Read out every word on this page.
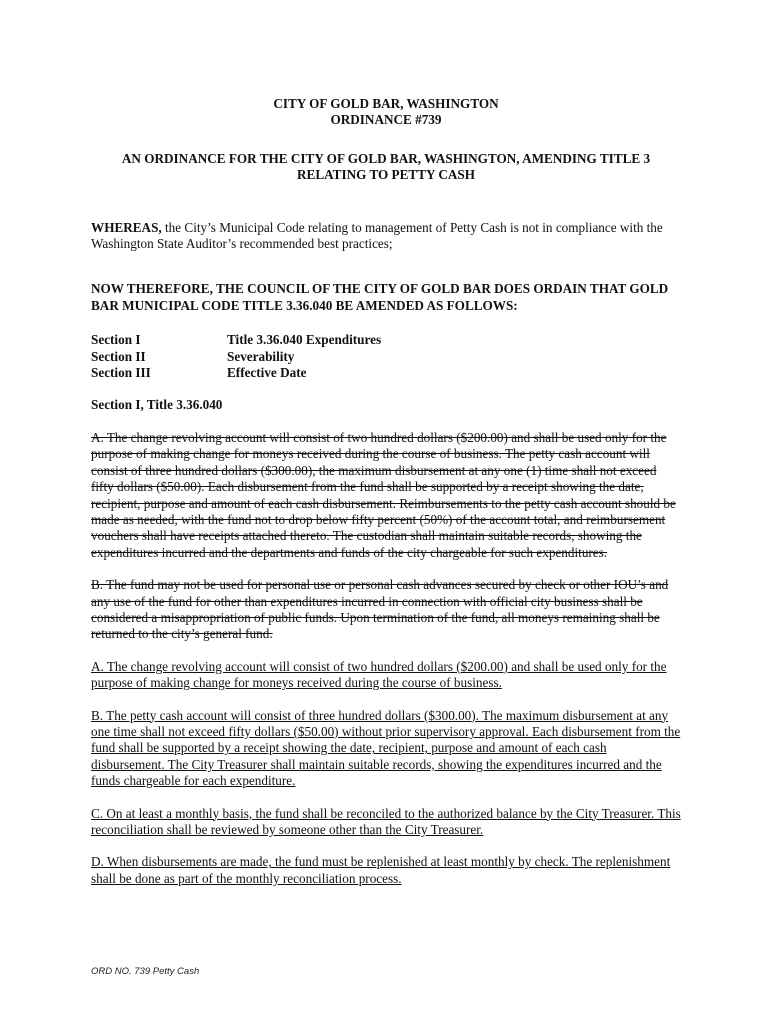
CITY OF GOLD BAR, WASHINGTON
ORDINANCE #739
AN ORDINANCE FOR THE CITY OF GOLD BAR, WASHINGTON, AMENDING TITLE 3
RELATING TO PETTY CASH

WHEREAS, the City’s Municipal Code relating to management of Petty Cash is not in compliance with the Washington State Auditor’s recommended best practices;

NOW THEREFORE, THE COUNCIL OF THE CITY OF GOLD BAR DOES ORDAIN THAT GOLD BAR MUNICIPAL CODE TITLE 3.36.040 BE AMENDED AS FOLLOWS:

Section I	Title 3.36.040 Expenditures
Section II	Severability
Section III	Effective Date

Section I, Title 3.36.040

A. The change revolving account will consist of two hundred dollars ($200.00) and shall be used only for the purpose of making change for moneys received during the course of business. The petty cash account will consist of three hundred dollars ($300.00), the maximum disbursement at any one (1) time shall not exceed fifty dollars ($50.00). Each disbursement from the fund shall be supported by a receipt showing the date, recipient, purpose and amount of each cash disbursement. Reimbursements to the petty cash account should be made as needed, with the fund not to drop below fifty percent (50%) of the account total, and reimbursement vouchers shall have receipts attached thereto. The custodian shall maintain suitable records, showing the expenditures incurred and the departments and funds of the city chargeable for such expenditures.

B. The fund may not be used for personal use or personal cash advances secured by check or other IOU’s and any use of the fund for other than expenditures incurred in connection with official city business shall be considered a misappropriation of public funds. Upon termination of the fund, all moneys remaining shall be returned to the city’s general fund.

A. The change revolving account will consist of two hundred dollars ($200.00) and shall be used only for the purpose of making change for moneys received during the course of business.

B. The petty cash account will consist of three hundred dollars ($300.00). The maximum disbursement at any one time shall not exceed fifty dollars ($50.00) without prior supervisory approval. Each disbursement from the fund shall be supported by a receipt showing the date, recipient, purpose and amount of each cash disbursement. The City Treasurer shall maintain suitable records, showing the expenditures incurred and the funds chargeable for each expenditure.

C. On at least a monthly basis, the fund shall be reconciled to the authorized balance by the City Treasurer. This reconciliation shall be reviewed by someone other than the City Treasurer.

D. When disbursements are made, the fund must be replenished at least monthly by check. The replenishment shall be done as part of the monthly reconciliation process.

ORD NO. 739 Petty Cash
